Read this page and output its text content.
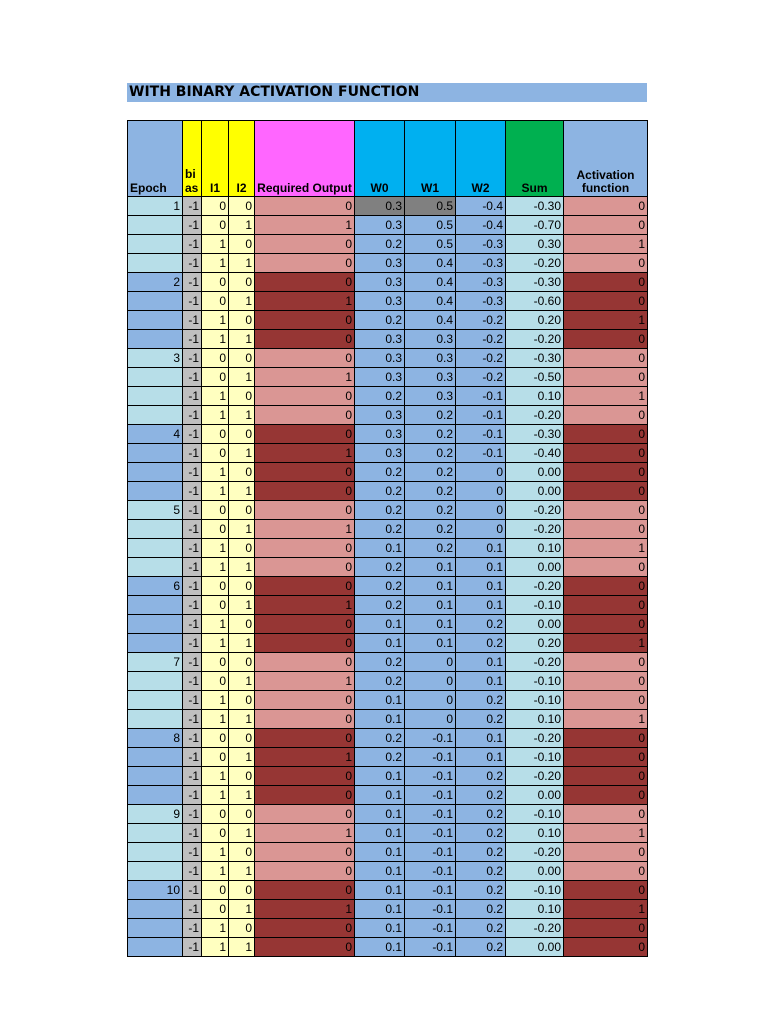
WITH BINARY ACTIVATION FUNCTION
Epoch	bi as	I1	I2	Required Output	W0	W1	W2	Sum	Activation function
1	-1	0	0	0	0.3	0.5	-0.4	-0.30	0
	-1	0	1	1	0.3	0.5	-0.4	-0.70	0
	-1	1	0	0	0.2	0.5	-0.3	0.30	1
	-1	1	1	0	0.3	0.4	-0.3	-0.20	0
2	-1	0	0	0	0.3	0.4	-0.3	-0.30	0
	-1	0	1	1	0.3	0.4	-0.3	-0.60	0
	-1	1	0	0	0.2	0.4	-0.2	0.20	1
	-1	1	1	0	0.3	0.3	-0.2	-0.20	0
3	-1	0	0	0	0.3	0.3	-0.2	-0.30	0
	-1	0	1	1	0.3	0.3	-0.2	-0.50	0
	-1	1	0	0	0.2	0.3	-0.1	0.10	1
	-1	1	1	0	0.3	0.2	-0.1	-0.20	0
4	-1	0	0	0	0.3	0.2	-0.1	-0.30	0
	-1	0	1	1	0.3	0.2	-0.1	-0.40	0
	-1	1	0	0	0.2	0.2	0	0.00	0
	-1	1	1	0	0.2	0.2	0	0.00	0
5	-1	0	0	0	0.2	0.2	0	-0.20	0
	-1	0	1	1	0.2	0.2	0	-0.20	0
	-1	1	0	0	0.1	0.2	0.1	0.10	1
	-1	1	1	0	0.2	0.1	0.1	0.00	0
6	-1	0	0	0	0.2	0.1	0.1	-0.20	0
	-1	0	1	1	0.2	0.1	0.1	-0.10	0
	-1	1	0	0	0.1	0.1	0.2	0.00	0
	-1	1	1	0	0.1	0.1	0.2	0.20	1
7	-1	0	0	0	0.2	0	0.1	-0.20	0
	-1	0	1	1	0.2	0	0.1	-0.10	0
	-1	1	0	0	0.1	0	0.2	-0.10	0
	-1	1	1	0	0.1	0	0.2	0.10	1
8	-1	0	0	0	0.2	-0.1	0.1	-0.20	0
	-1	0	1	1	0.2	-0.1	0.1	-0.10	0
	-1	1	0	0	0.1	-0.1	0.2	-0.20	0
	-1	1	1	0	0.1	-0.1	0.2	0.00	0
9	-1	0	0	0	0.1	-0.1	0.2	-0.10	0
	-1	0	1	1	0.1	-0.1	0.2	0.10	1
	-1	1	0	0	0.1	-0.1	0.2	-0.20	0
	-1	1	1	0	0.1	-0.1	0.2	0.00	0
10	-1	0	0	0	0.1	-0.1	0.2	-0.10	0
	-1	0	1	1	0.1	-0.1	0.2	0.10	1
	-1	1	0	0	0.1	-0.1	0.2	-0.20	0
	-1	1	1	0	0.1	-0.1	0.2	0.00	0
